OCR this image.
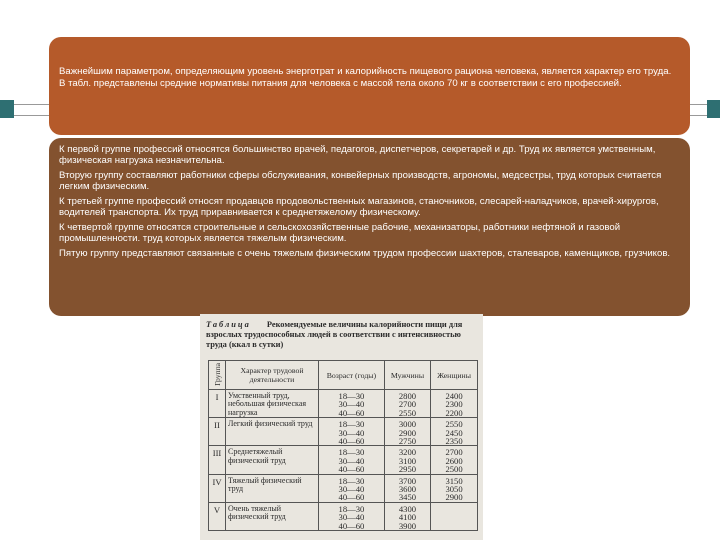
Важнейшим параметром, определяющим уровень энерготрат и калорийность пищевого рациона человека, является характер его труда. В табл. представлены средние нормативы питания для человека с массой тела около 70 кг в соответствии с его профессией.

К первой группе профессий относятся большинство врачей, педагогов, диспетчеров, секретарей и др. Труд их является умственным, физическая нагрузка незначительна.

Вторую группу составляют работники сферы обслуживания, конвейерных производств, агрономы, медсестры, труд которых считается легким физическим.

К третьей группе профессий относят продавцов продовольственных магазинов, станочников, слесарей-наладчиков, врачей-хирургов, водителей транспорта. Их труд приравнивается к среднетяжелому физическому.

К четвертой группе относятся строительные и сельскохозяйственные рабочие, механизаторы, работники нефтяной и газовой промышленности. труд которых является тяжелым физическим.

Пятую группу представляют связанные с очень тяжелым физическим трудом профессии шахтеров, сталеваров, каменщиков, грузчиков.

Таблица Рекомендуемые величины калорийности пищи для взрослых трудоспособных людей в соответствии с интенсивностью труда (ккал в сутки)
Группа	Характер трудовой деятельности	Возраст (годы)	Мужчины	Женщины
I	Умственный труд, небольшая физическая нагрузка	18—30
30—40
40—60	2800
2700
2550	2400
2300
2200
II	Легкий физический труд	18—30
30—40
40—60	3000
2900
2750	2550
2450
2350
III	Среднетяжелый физический труд	18—30
30—40
40—60	3200
3100
2950	2700
2600
2500
IV	Тяжелый физический труд	18—30
30—40
40—60	3700
3600
3450	3150
3050
2900
V	Очень тяжелый физический труд	18—30
30—40
40—60	4300
4100
3900	
